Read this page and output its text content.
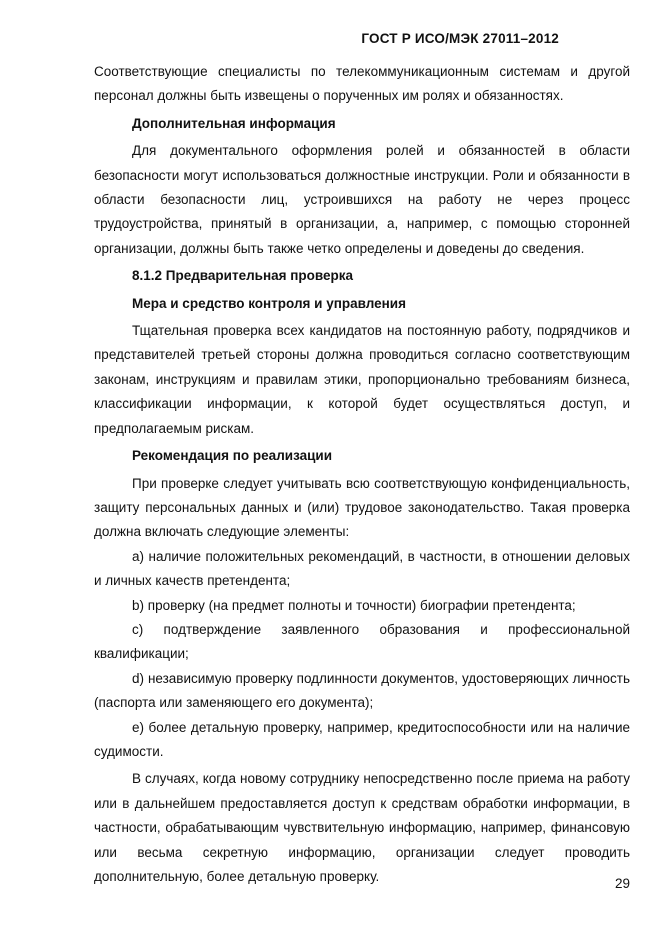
ГОСТ Р ИСО/МЭК 27011–2012

Соответствующие специалисты по телекоммуникационным системам и другой персонал должны быть извещены о порученных им ролях и обязанностях.

Дополнительная информация

Для документального оформления ролей и обязанностей в области безопасности могут использоваться должностные инструкции. Роли и обязанности в области безопасности лиц, устроившихся на работу не через процесс трудоустройства, принятый в организации, а, например, с помощью сторонней организации, должны быть также четко определены и доведены до сведения.

8.1.2 Предварительная проверка

Мера и средство контроля и управления

Тщательная проверка всех кандидатов на постоянную работу, подрядчиков и представителей третьей стороны должна проводиться согласно соответствующим законам, инструкциям и правилам этики, пропорционально требованиям бизнеса, классификации информации, к которой будет осуществляться доступ, и предполагаемым рискам.

Рекомендация по реализации

При проверке следует учитывать всю соответствующую конфиденциальность, защиту персональных данных и (или) трудовое законодательство. Такая проверка должна включать следующие элементы:

a) наличие положительных рекомендаций, в частности, в отношении деловых и личных качеств претендента;

b) проверку (на предмет полноты и точности) биографии претендента;

c) подтверждение заявленного образования и профессиональной квалификации;

d) независимую проверку подлинности документов, удостоверяющих личность (паспорта или заменяющего его документа);

e) более детальную проверку, например, кредитоспособности или на наличие судимости.

В случаях, когда новому сотруднику непосредственно после приема на работу или в дальнейшем предоставляется доступ к средствам обработки информации, в частности, обрабатывающим чувствительную информацию, например, финансовую или весьма секретную информацию, организации следует проводить дополнительную, более детальную проверку.	29
